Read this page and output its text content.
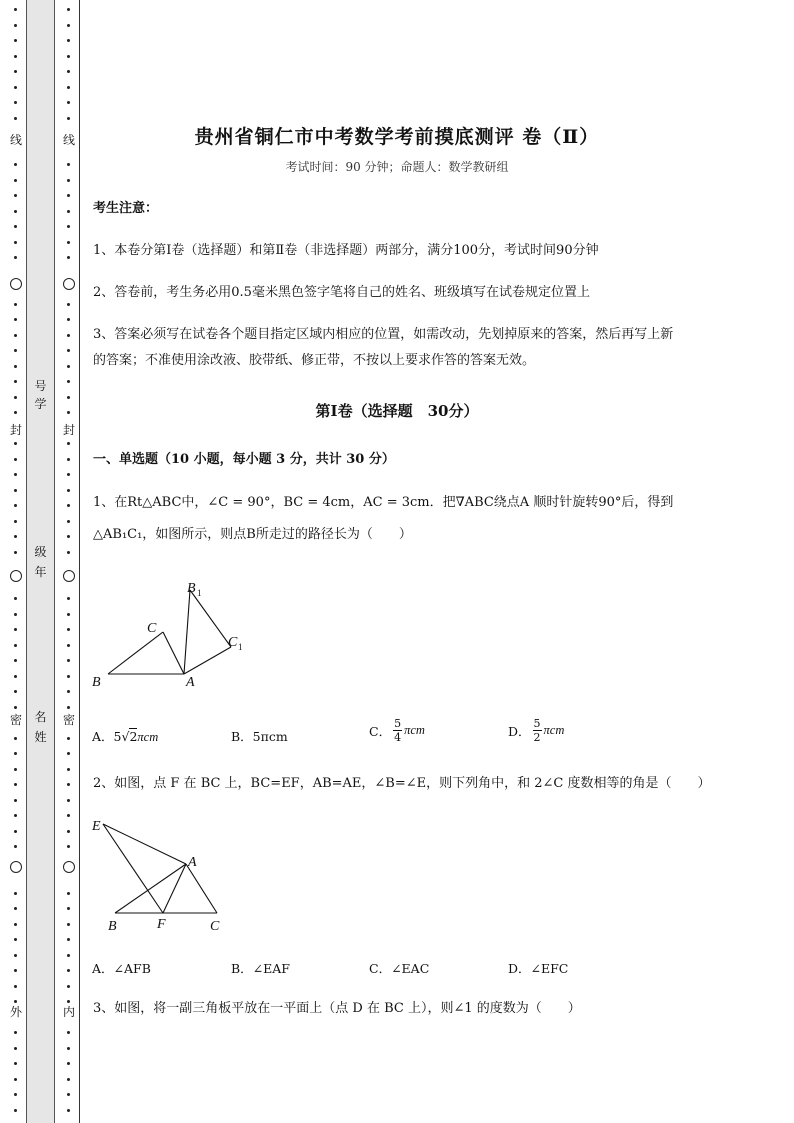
线
封
密
外
号
学
级
年
名
姓
线
封
密
内
贵州省铜仁市中考数学考前摸底测评 卷（Ⅱ）
考试时间：90 分钟；命题人：数学教研组
考生注意：
1、本卷分第Ⅰ卷（选择题）和第Ⅱ卷（非选择题）两部分，满分100分，考试时间90分钟
2、答卷前，考生务必用0.5毫米黑色签字笔将自己的姓名、班级填写在试卷规定位置上
3、答案必须写在试卷各个题目指定区域内相应的位置，如需改动，先划掉原来的答案，然后再写上新
的答案；不准使用涂改液、胶带纸、修正带，不按以上要求作答的答案无效。
第Ⅰ卷（选择题　30分）
一、单选题（10 小题，每小题 3 分，共计 30 分）
1、在Rt△ABC中，∠C = 90°，BC = 4cm，AC = 3cm．把∇ABC绕点A 顺时针旋转90°后，得到
△AB₁C₁，如图所示，则点B所走过的路径长为（　　）
B
C
A
B 1
C 1
A．5√2πcm	B．5πcm	C． $\frac{5}{4}$ πcm	D． $\frac{5}{2}$ πcm
2、如图，点 F 在 BC 上，BC=EF，AB=AE，∠B=∠E，则下列角中，和 2∠C 度数相等的角是（　　）
E
A
B	F	C
A．∠AFB	B．∠EAF	C．∠EAC	D．∠EFC
3、如图，将一副三角板平放在一平面上（点 D 在 BC 上），则∠1 的度数为（　　）
